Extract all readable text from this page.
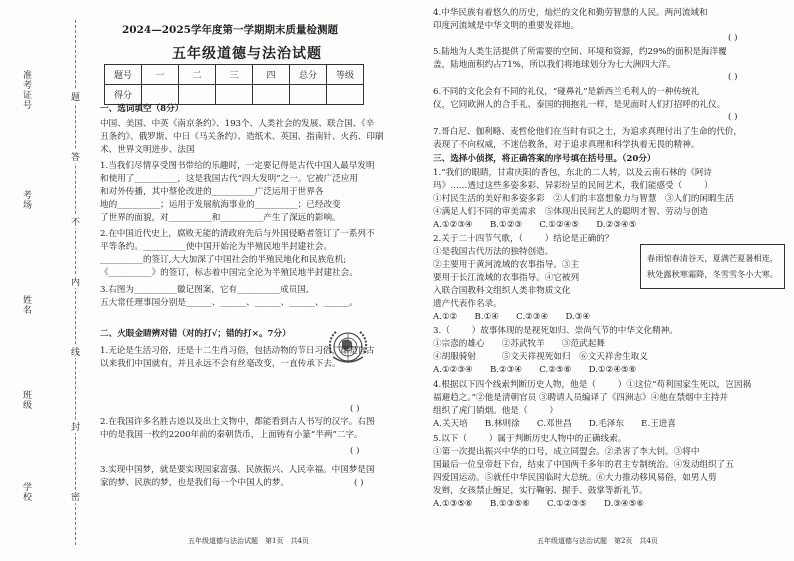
准考证号
考场
姓名
班级
学校
题
答
不
内
线
封
密
2024—2025学年度第一学期期末质量检测题
五年级道德与法治试题
题号	一	二	三	四	总分	等级
得分						
一、选词填空（8分）
中国、美国、中英《南京条约》、193个、人类社会的发展、联合国、《辛
丑条约》、俄罗斯、中日《马关条约》、造纸术、英国、指南针、火药、印刷
术、世界文明进步、法国
1.当我们尽情享受图书带给的乐趣时，一定要记得是古代中国人最早发明
和使用了__________，这是我国古代“四大发明”之一。它被广泛应用
和对外传播，其中蔡伦改进的__________广泛运用于世界各
地的__________；运用于发展航海事业的__________；已经改变
了世界的面貌，对__________和__________产生了深远的影响。
2.在中国近代史上，腐败无能的清政府先后与外国侵略者签订了一系列不
平等条约。__________使中国开始沦为半殖民地半封建社会。
__________的签订,大大加深了中国社会的半殖民地化和民族危机;
《__________》的签订，标志着中国完全沦为半殖民地半封建社会。
3.右图为__________徽记图案，它有__________成员国,
五大常任理事国分别是______、______、______、______、______。
二、火眼金睛辨对错（对的打√；错的打×。7分）
1.无论是生活习俗，还是十二生肖习俗，包括动物的节日习俗，都是自古
以来我们中国就有，并且永远不会有丝毫改变，一直传承下去。
( )
2.在我国许多名胜古迹以及出土文物中，都能看到古人书写的汉字。右图
中的是我国一枚约2200年前的秦朝货币，上面铸有小篆“半两”二字。
( )
3.实现中国梦，就是要实现国家富强、民族振兴、人民幸福。中国梦是国
家的梦、民族的梦，也是我们每一个中国人的梦。	( )
五年级道德与法治试题　第1页　共4页
4.中华民族有着悠久的历史，灿烂的文化和勤劳智慧的人民。两河流域和
印度河流域是中华文明的重要发祥地。
( )
5.陆地为人类生活提供了所需要的空间、环境和资源，约29%的面积是海洋覆
盖，陆地面积约占71%，所以我们将地球划分为七大洲四大洋。
( )
6.不同的文化会有不同的礼仪，“碰鼻礼”是新西兰毛利人的一种传统礼
仪，它同欧洲人的合手礼、泰国的拥抱礼一样，是见面时人们打招呼的礼仪。
( )
7.哥白尼、伽利略、麦哲伦他们在当时有识之士，为追求真理付出了生命的代价，
表现了不向权威，不迷信教条，对于追求真理和科学执着无畏的精神。
三、选择小侦探，将正确答案的序号填在括号里。（20分）
1.“我们的眼睛，甘肃庆阳的香包，东北的二人转，以及云南石林的《阿诗
玛》……透过这些多姿多彩、异彩纷呈的民间艺术，我们能感受（        ）
①村民生活的美好和多姿多彩　②人们的丰富想象力与智慧　③人们的闲暇生活
④满足人们不同的审美需求　⑤体现出民间艺人的聪明才智、劳动与创造
A.①②③④　　B.①②③　　C.①②④⑤　　D.②③④⑤
2.关于二十四节气歌，（        ）结论是正确的？
①是我国古代历法的独特创造。
②主要用于黄河流域的农事指导。③主
要用于长江流域的农事指导。④它被列
入联合国教科文组织人类非物质文化
遗产代表作名录。
A.①②　　B.①④　　C.②③④　　D.③④
春雨惊春清谷天，夏满芒夏暑相连，
秋处露秋寒霜降，冬雪雪冬小大寒。
3.（        ）故事体现的是视死如归、崇尚气节的中华文化精神。
①宗悫的雄心　　②苏武牧羊　　③范武起舞
④胡服骑射　　　⑤文天祥视死如归　⑥文天祥舍生取义
A.①②③④　　B.②③④　　C.②⑤⑥　　D.①②④⑤⑥
4.根据以下四个线索判断历史人物，他是（        ）①这位“苟利国家生死以，岂因祸
福避趋之。”②他是清朝官员 ③聘请人员编译了《四洲志》④他在禁烟中主持并
组织了虎门销烟。他是（        ）
A.关天培　　B.林则徐　　C.邓世昌　　D.毛泽东　　E.王进喜
5.以下（        ）属于判断历史人物中的正确线索。
①第一次提出振兴中华的口号，成立同盟会。②杀害了李大钊。③将中
国最后一位皇帝赶下台，结束了中国两千多年的君主专制统治。④发动组织了五
四爱国运动。⑤就任中华民国临时大总统。⑥大力推动移风易俗，如男人剪
发辫，女孩禁止缠足，实行鞠躬、握手、鼓掌等新礼节。
A.①③⑤⑥　　B.①③⑤⑥　　C.①②③⑤　　D.③④⑤⑥
五年级道德与法治试题　第2页　共4页
